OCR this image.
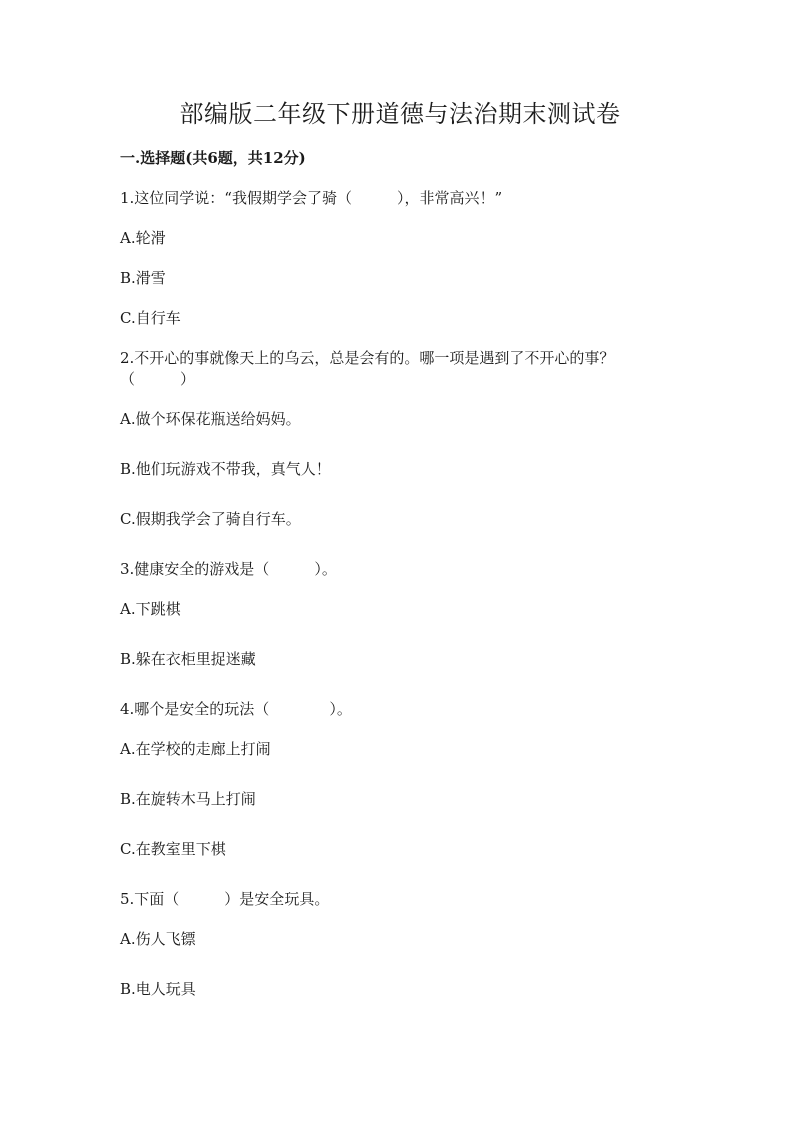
部编版二年级下册道德与法治期末测试卷
一.选择题(共6题，共12分)
1.这位同学说：“我假期学会了骑（　　　），非常高兴！”
A.轮滑
B.滑雪
C.自行车
2.不开心的事就像天上的乌云，总是会有的。哪一项是遇到了不开心的事？
（　　　）
A.做个环保花瓶送给妈妈。
B.他们玩游戏不带我，真气人！
C.假期我学会了骑自行车。
3.健康安全的游戏是（　　　）。
A.下跳棋
B.躲在衣柜里捉迷藏
4.哪个是安全的玩法（　　　　）。
A.在学校的走廊上打闹
B.在旋转木马上打闹
C.在教室里下棋
5.下面（　　　）是安全玩具。
A.伤人飞镖
B.电人玩具
